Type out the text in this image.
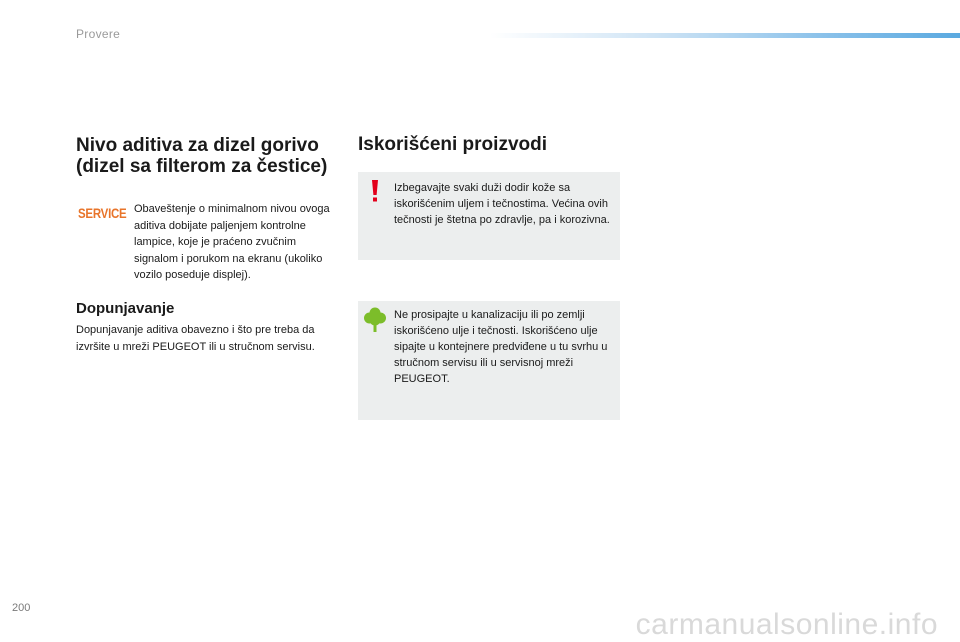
Provere
Nivo aditiva za dizel gorivo (dizel sa filterom za čestice)
SERVICE Obaveštenje o minimalnom nivou ovoga aditiva dobijate paljenjem kontrolne lampice, koje je praćeno zvučnim signalom i porukom na ekranu (ukoliko vozilo poseduje displej).
Dopunjavanje
Dopunjavanje aditiva obavezno i što pre treba da izvršite u mreži PEUGEOT ili u stručnom servisu.
Iskorišćeni proizvodi
Izbegavajte svaki duži dodir kože sa iskorišćenim uljem i tečnostima. Većina ovih tečnosti je štetna po zdravlje, pa i korozivna.
Ne prosipajte u kanalizaciju ili po zemlji iskorišćeno ulje i tečnosti. Iskorišćeno ulje sipajte u kontejnere predviđene u tu svrhu u stručnom servisu ili u servisnoj mreži PEUGEOT.
200	carmanualsonline.info
